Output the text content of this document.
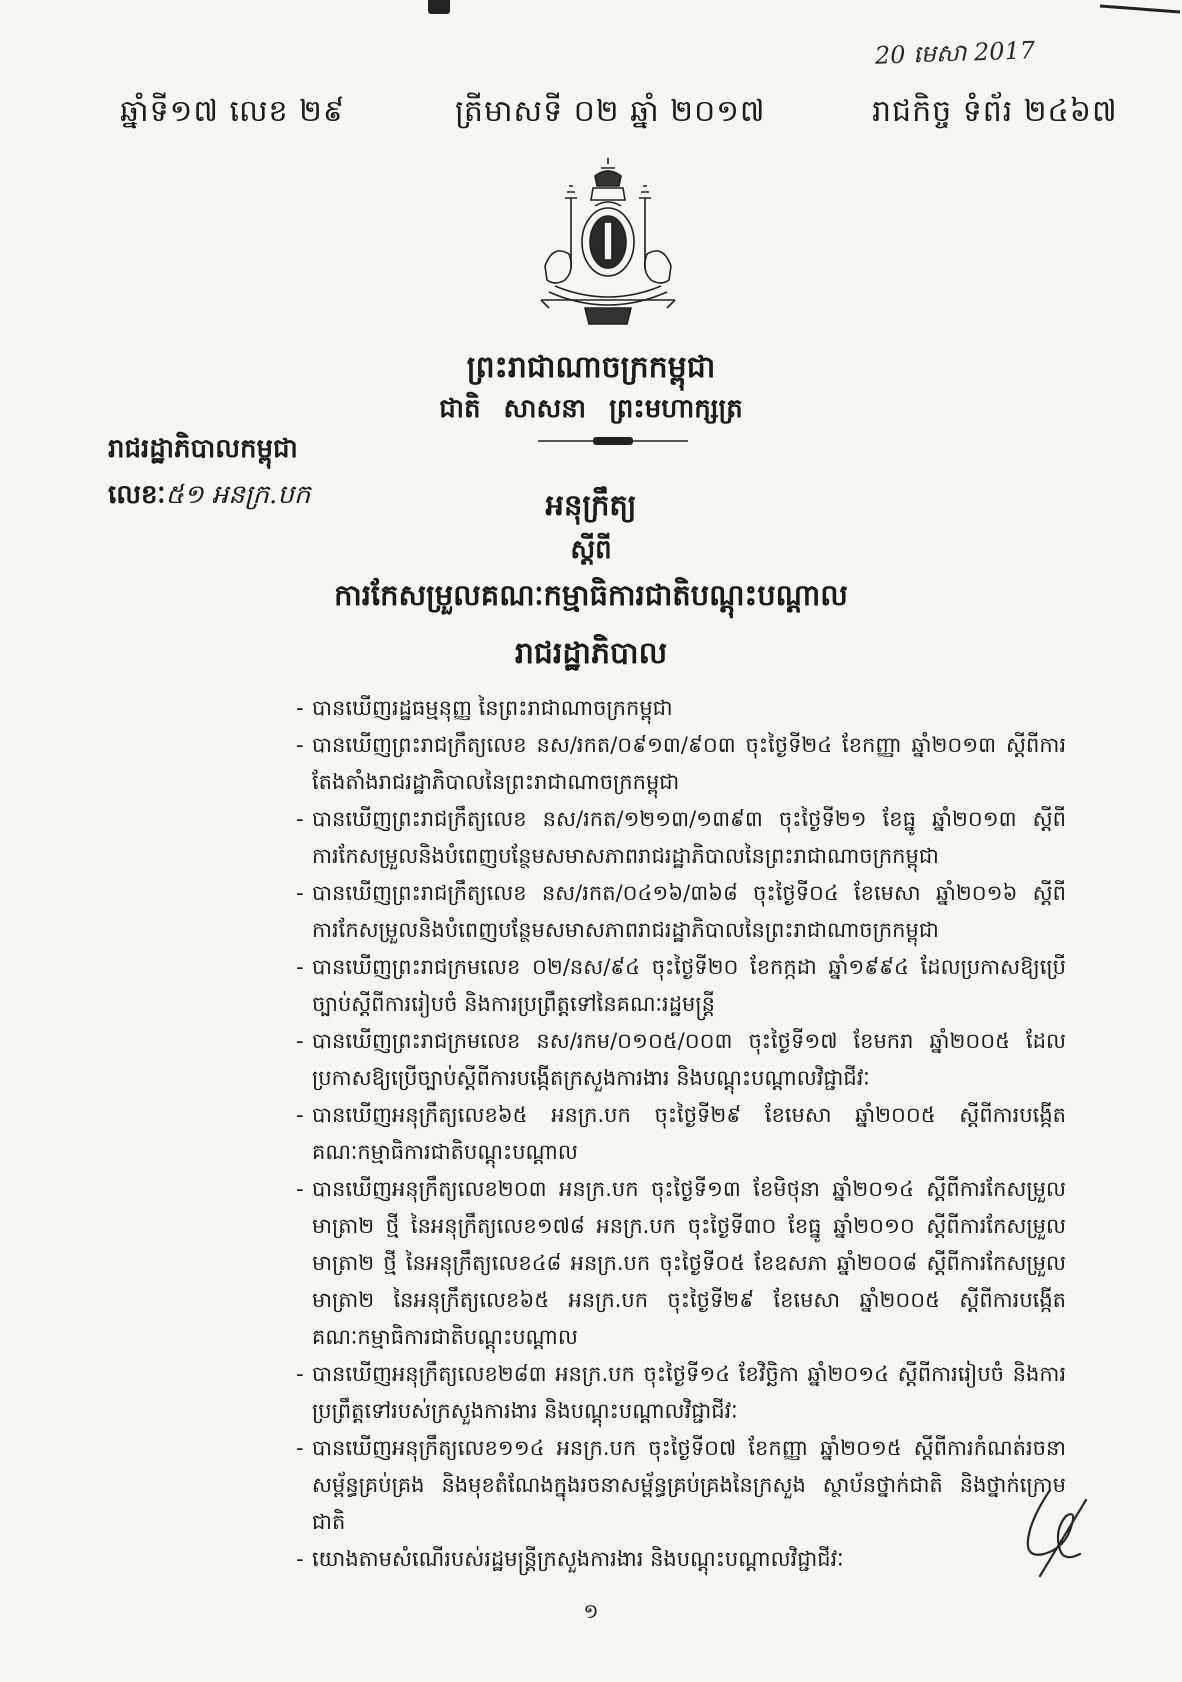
20 មេសា 2017
ឆ្នាំទី១៧ លេខ ២៩	ត្រីមាសទី ០២ ឆ្នាំ ២០១៧	រាជកិច្ច ទំព័រ ២៤៦៧
ព្រះរាជាណាចក្រកម្ពុជា
ជាតិ សាសនា ព្រះមហាក្សត្រ
រាជរដ្ឋាភិបាលកម្ពុជា
លេខៈ៥១ អនក្រ.បក	អនុក្រឹត្យ
ស្ដីពី
ការកែសម្រួលគណៈកម្មាធិការជាតិបណ្ដុះបណ្ដាល
រាជរដ្ឋាភិបាល
- បានឃើញរដ្ឋធម្មនុញ្ញ នៃព្រះរាជាណាចក្រកម្ពុជា
- បានឃើញព្រះរាជក្រឹត្យលេខ នស/រកត/០៩១៣/៩០៣ ចុះថ្ងៃទី២៤ ខែកញ្ញា ឆ្នាំ២០១៣ ស្ដីពីការតែងតាំងរាជរដ្ឋាភិបាលនៃព្រះរាជាណាចក្រកម្ពុជា
- បានឃើញព្រះរាជក្រឹត្យលេខ នស/រកត/១២១៣/១៣៩៣ ចុះថ្ងៃទី២១ ខែធ្នូ ឆ្នាំ២០១៣ ស្ដីពីការកែសម្រួលនិងបំពេញបន្ថែមសមាសភាពរាជរដ្ឋាភិបាលនៃព្រះរាជាណាចក្រកម្ពុជា
- បានឃើញព្រះរាជក្រឹត្យលេខ នស/រកត/០៤១៦/៣៦៨ ចុះថ្ងៃទី០៤ ខែមេសា ឆ្នាំ២០១៦ ស្ដីពីការកែសម្រួលនិងបំពេញបន្ថែមសមាសភាពរាជរដ្ឋាភិបាលនៃព្រះរាជាណាចក្រកម្ពុជា
- បានឃើញព្រះរាជក្រមលេខ ០២/នស/៩៤ ចុះថ្ងៃទី២០ ខែកក្កដា ឆ្នាំ១៩៩៤ ដែលប្រកាសឱ្យប្រើច្បាប់ស្ដីពីការរៀបចំ និងការប្រព្រឹត្តទៅនៃគណៈរដ្ឋមន្ត្រី
- បានឃើញព្រះរាជក្រមលេខ នស/រកម/០១០៥/០០៣ ចុះថ្ងៃទី១៧ ខែមករា ឆ្នាំ២០០៥ ដែលប្រកាសឱ្យប្រើច្បាប់ស្ដីពីការបង្កើតក្រសួងការងារ និងបណ្ដុះបណ្ដាលវិជ្ជាជីវៈ
- បានឃើញអនុក្រឹត្យលេខ៦៥ អនក្រ.បក ចុះថ្ងៃទី២៩ ខែមេសា ឆ្នាំ២០០៥ ស្ដីពីការបង្កើតគណៈកម្មាធិការជាតិបណ្ដុះបណ្ដាល
- បានឃើញអនុក្រឹត្យលេខ២០៣ អនក្រ.បក ចុះថ្ងៃទី១៣ ខែមិថុនា ឆ្នាំ២០១៤ ស្ដីពីការកែសម្រួលមាត្រា២ ថ្មី នៃអនុក្រឹត្យលេខ១៧៨ អនក្រ.បក ចុះថ្ងៃទី៣០ ខែធ្នូ ឆ្នាំ២០១០ ស្ដីពីការកែសម្រួលមាត្រា២ ថ្មី នៃអនុក្រឹត្យលេខ៤៨ អនក្រ.បក ចុះថ្ងៃទី០៥ ខែឧសភា ឆ្នាំ២០០៨ ស្ដីពីការកែសម្រួលមាត្រា២ នៃអនុក្រឹត្យលេខ៦៥ អនក្រ.បក ចុះថ្ងៃទី២៩ ខែមេសា ឆ្នាំ២០០៥ ស្ដីពីការបង្កើតគណៈកម្មាធិការជាតិបណ្ដុះបណ្ដាល
- បានឃើញអនុក្រឹត្យលេខ២៨៣ អនក្រ.បក ចុះថ្ងៃទី១៤ ខែវិច្ឆិកា ឆ្នាំ២០១៤ ស្ដីពីការរៀបចំ និងការប្រព្រឹត្តទៅរបស់ក្រសួងការងារ និងបណ្ដុះបណ្ដាលវិជ្ជាជីវៈ
- បានឃើញអនុក្រឹត្យលេខ១១៤ អនក្រ.បក ចុះថ្ងៃទី០៧ ខែកញ្ញា ឆ្នាំ២០១៥ ស្ដីពីការកំណត់រចនាសម្ព័ន្ធគ្រប់គ្រង និងមុខតំណែងក្នុងរចនាសម្ព័ន្ធគ្រប់គ្រងនៃក្រសួង ស្ថាប័នថ្នាក់ជាតិ និងថ្នាក់ក្រោមជាតិ
- យោងតាមសំណើរបស់រដ្ឋមន្ត្រីក្រសួងការងារ និងបណ្ដុះបណ្ដាលវិជ្ជាជីវៈ
១
